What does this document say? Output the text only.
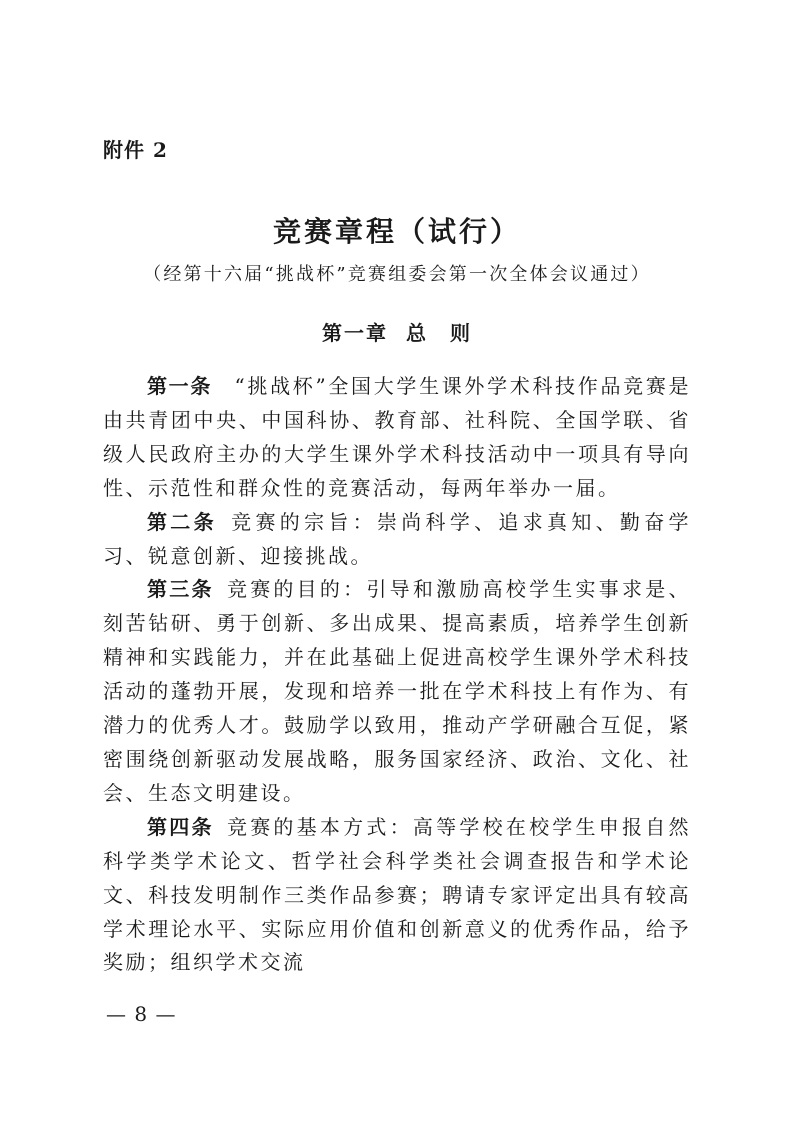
附件 2
竞赛章程（试行）
（经第十六届“挑战杯”竞赛组委会第一次全体会议通过）
第一章 总　则

第一条  “挑战杯”全国大学生课外学术科技作品竞赛是由共青团中央、中国科协、教育部、社科院、全国学联、省级人民政府主办的大学生课外学术科技活动中一项具有导向性、示范性和群众性的竞赛活动，每两年举办一届。

第二条  竞赛的宗旨：崇尚科学、追求真知、勤奋学习、锐意创新、迎接挑战。

第三条  竞赛的目的：引导和激励高校学生实事求是、刻苦钻研、勇于创新、多出成果、提高素质，培养学生创新精神和实践能力，并在此基础上促进高校学生课外学术科技活动的蓬勃开展，发现和培养一批在学术科技上有作为、有潜力的优秀人才。鼓励学以致用，推动产学研融合互促，紧密围绕创新驱动发展战略，服务国家经济、政治、文化、社会、生态文明建设。

第四条  竞赛的基本方式：高等学校在校学生申报自然科学类学术论文、哲学社会科学类社会调查报告和学术论文、科技发明制作三类作品参赛；聘请专家评定出具有较高学术理论水平、实际应用价值和创新意义的优秀作品，给予奖励；组织学术交流

— 8 —
